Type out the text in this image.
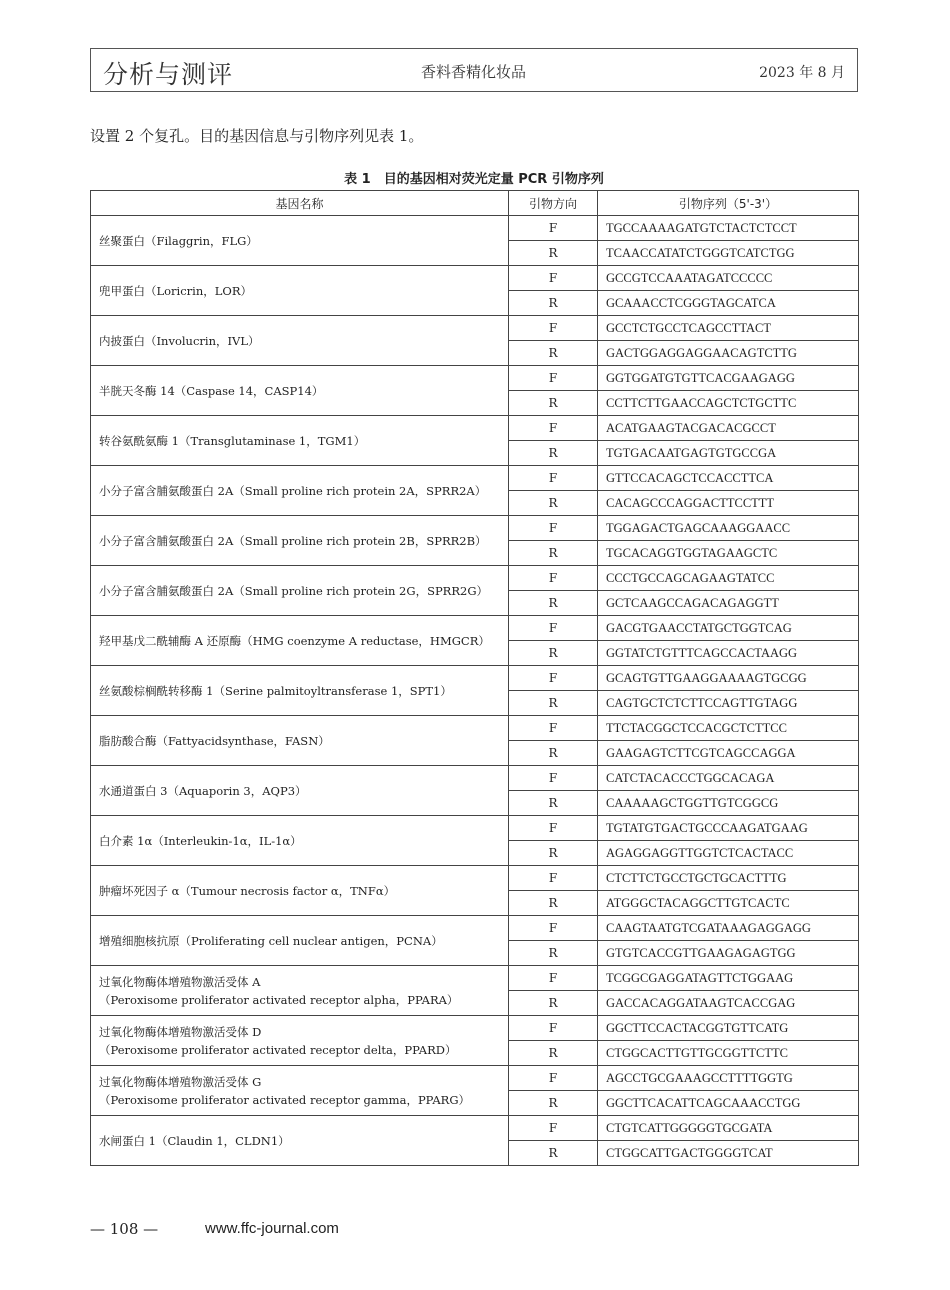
分析与测评	香料香精化妆品	2023 年 8 月
设置 2 个复孔。目的基因信息与引物序列见表 1。
表 1　目的基因相对荧光定量 PCR 引物序列
基因名称	引物方向	引物序列（5'-3'）

丝聚蛋白（Filaggrin，FLG）	F	TGCCAAAAGATGTCTACTCTCCT
	R	TCAACCATATCTGGGTCATCTGG

兜甲蛋白（Loricrin，LOR）	F	GCCGTCCAAATAGATCCCCC
	R	GCAAACCTCGGGTAGCATCA

内披蛋白（Involucrin，IVL）	F	GCCTCTGCCTCAGCCTTACT
	R	GACTGGAGGAGGAACAGTCTTG

半胱天冬酶 14（Caspase 14，CASP14）	F	GGTGGATGTGTTCACGAAGAGG
	R	CCTTCTTGAACCAGCTCTGCTTC

转谷氨酰氨酶 1（Transglutaminase 1，TGM1）	F	ACATGAAGTACGACACGCCT
	R	TGTGACAATGAGTGTGCCGA

小分子富含脯氨酸蛋白 2A（Small proline rich protein 2A，SPRR2A）	F	GTTCCACAGCTCCACCTTCA
	R	CACAGCCCAGGACTTCCTTT

小分子富含脯氨酸蛋白 2A（Small proline rich protein 2B，SPRR2B）	F	TGGAGACTGAGCAAAGGAACC
	R	TGCACAGGTGGTAGAAGCTC

小分子富含脯氨酸蛋白 2A（Small proline rich protein 2G，SPRR2G）	F	CCCTGCCAGCAGAAGTATCC
	R	GCTCAAGCCAGACAGAGGTT

羟甲基戊二酰辅酶 A 还原酶（HMG coenzyme A reductase，HMGCR）	F	GACGTGAACCTATGCTGGTCAG
	R	GGTATCTGTTTCAGCCACTAAGG

丝氨酸棕榈酰转移酶 1（Serine palmitoyltransferase 1，SPT1）	F	GCAGTGTTGAAGGAAAAGTGCGG
	R	CAGTGCTCTCTTCCAGTTGTAGG

脂肪酸合酶（Fattyacidsynthase，FASN）	F	TTCTACGGCTCCACGCTCTTCC
	R	GAAGAGTCTTCGTCAGCCAGGA

水通道蛋白 3（Aquaporin 3，AQP3）	F	CATCTACACCCTGGCACAGA
	R	CAAAAAGCTGGTTGTCGGCG

白介素 1α（Interleukin-1α，IL-1α）	F	TGTATGTGACTGCCCAAGATGAAG
	R	AGAGGAGGTTGGTCTCACTACC

肿瘤坏死因子 α（Tumour necrosis factor α，TNFα）	F	CTCTTCTGCCTGCTGCACTTTG
	R	ATGGGCTACAGGCTTGTCACTC

增殖细胞核抗原（Proliferating cell nuclear antigen，PCNA）	F	CAAGTAATGTCGATAAAGAGGAGG
	R	GTGTCACCGTTGAAGAGAGTGG

过氧化物酶体增殖物激活受体 A
（Peroxisome proliferator activated receptor alpha，PPARA）	F	TCGGCGAGGATAGTTCTGGAAG
	R	GACCACAGGATAAGTCACCGAG

过氧化物酶体增殖物激活受体 D
（Peroxisome proliferator activated receptor delta，PPARD）	F	GGCTTCCACTACGGTGTTCATG
	R	CTGGCACTTGTTGCGGTTCTTC

过氧化物酶体增殖物激活受体 G
（Peroxisome proliferator activated receptor gamma，PPARG）	F	AGCCTGCGAAAGCCTTTTGGTG
	R	GGCTTCACATTCAGCAAACCTGG

水闸蛋白 1（Claudin 1，CLDN1）	F	CTGTCATTGGGGGTGCGATA
	R	CTGGCATTGACTGGGGTCAT
— 108 —	www.ffc-journal.com
